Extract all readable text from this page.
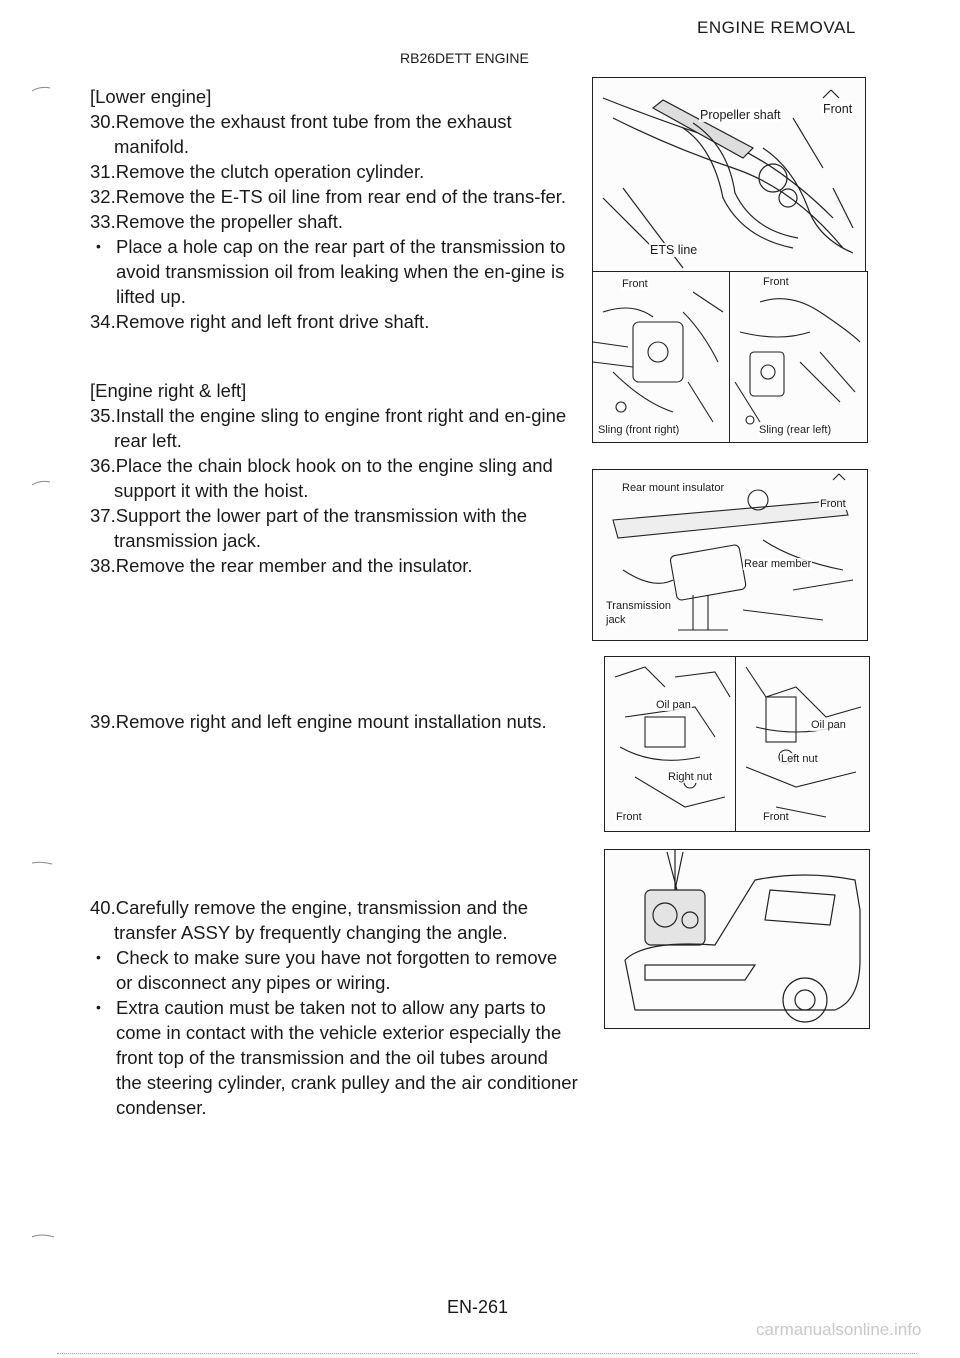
ENGINE REMOVAL
RB26DETT ENGINE
EN-261
carmanualsonline.info

[Lower engine]

30.Remove the exhaust front tube from the exhaust manifold.

31.Remove the clutch operation cylinder.

32.Remove the E-TS oil line from rear end of the trans-fer.

33.Remove the propeller shaft.

• Place a hole cap on the rear part of the transmission to avoid transmission oil from leaking when the en-gine is lifted up.

34.Remove right and left front drive shaft.

[Engine right & left]

35.Install the engine sling to engine front right and en-gine rear left.

36.Place the chain block hook on to the engine sling and support it with the hoist.

37.Support the lower part of the transmission with the transmission jack.

38.Remove the rear member and the insulator.

39.Remove right and left engine mount installation nuts.

40.Carefully remove the engine, transmission and the transfer ASSY by frequently changing the angle.

• Check to make sure you have not forgotten to remove or disconnect any pipes or wiring.

• Extra caution must be taken not to allow any parts to come in contact with the vehicle exterior especially the front top of the transmission and the oil tubes around the steering cylinder, crank pulley and the air conditioner condenser.

Propeller shaft	Front
ETS line
Front
Sling (front right)
Front
Sling (rear left)
Rear mount insulator
Front
Rear member
Transmission
jack
Oil pan
Right nut
Front
Oil pan
Left nut
Front
